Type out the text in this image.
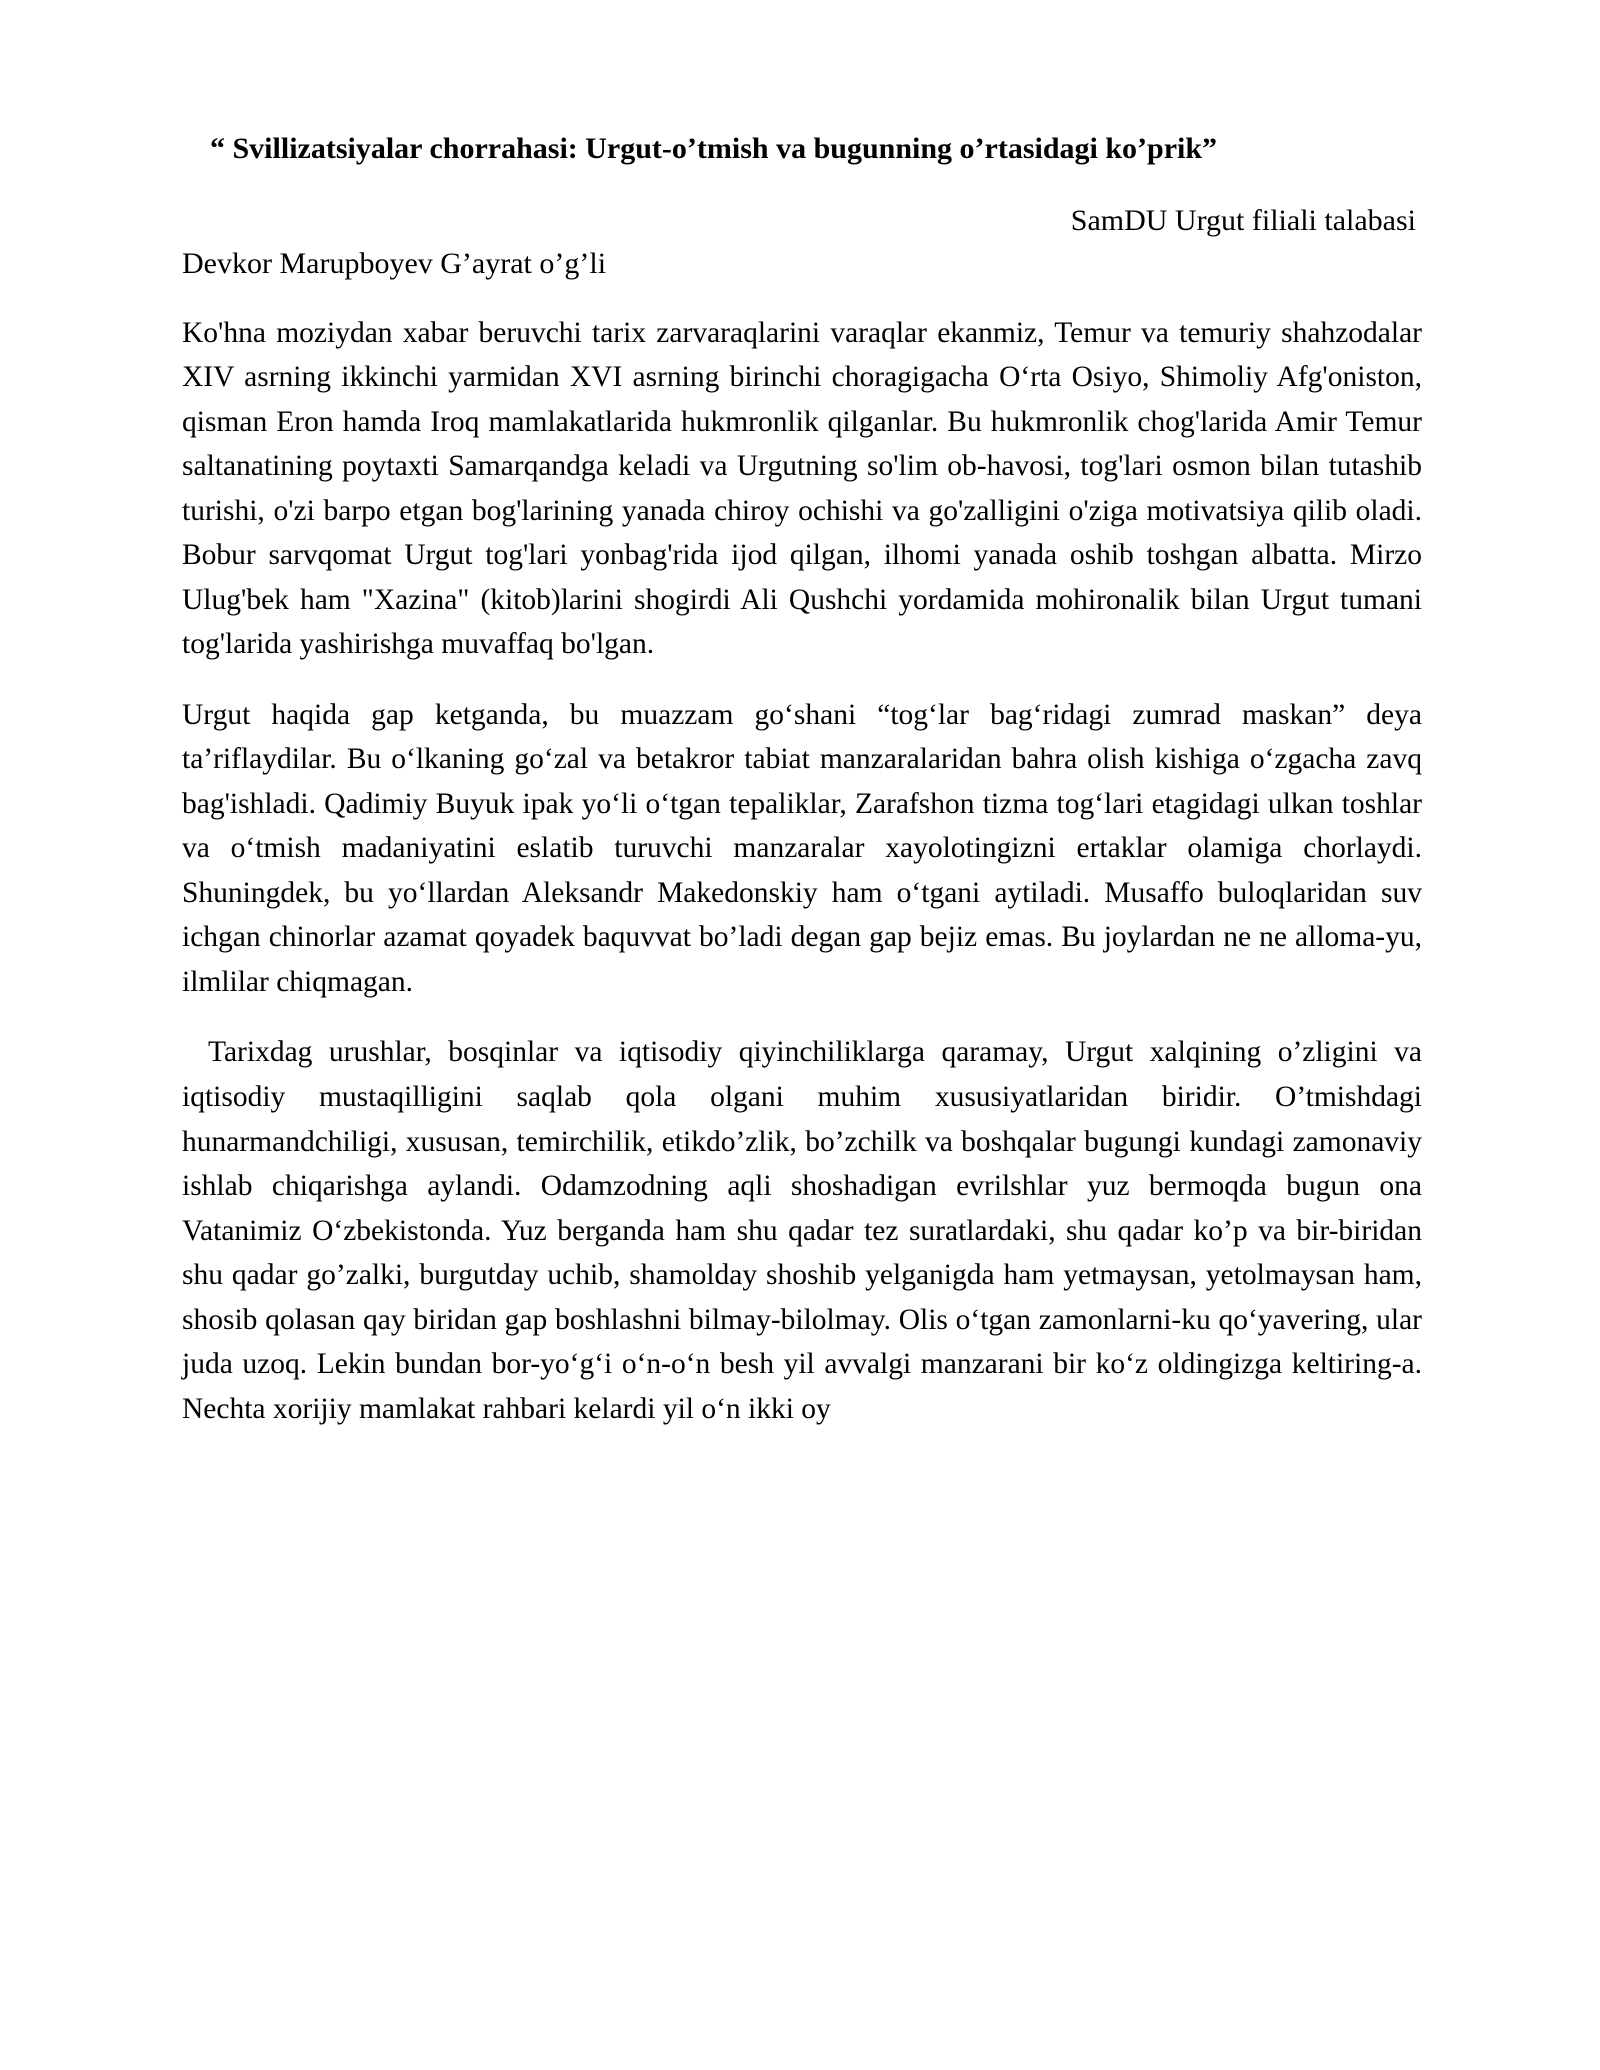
“ Svillizatsiyalar chorrahasi: Urgut-o’tmish va bugunning o’rtasidagi ko’prik”
SamDU Urgut filiali talabasi
Devkor Marupboyev G’ayrat o’g’li

Ko'hna moziydan xabar beruvchi tarix zarvaraqlarini varaqlar ekanmiz, Temur va temuriy shahzodalar XIV asrning ikkinchi yarmidan XVI asrning birinchi choragigacha O‘rta Osiyo, Shimoliy Afg'oniston, qisman Eron hamda Iroq mamlakatlarida hukmronlik qilganlar. Bu hukmronlik chog'larida Amir Temur saltanatining poytaxti Samarqandga keladi va Urgutning so'lim ob-havosi, tog'lari osmon bilan tutashib turishi, o'zi barpo etgan bog'larining yanada chiroy ochishi va go'zalligini o'ziga motivatsiya qilib oladi. Bobur sarvqomat Urgut tog'lari yonbag'rida ijod qilgan, ilhomi yanada oshib toshgan albatta. Mirzo Ulug'bek ham "Xazina" (kitob)larini shogirdi Ali Qushchi yordamida mohironalik bilan Urgut tumani tog'larida yashirishga muvaffaq bo'lgan.

Urgut haqida gap ketganda, bu muazzam go‘shani “tog‘lar bag‘ridagi zumrad maskan” deya ta’riflaydilar. Bu o‘lkaning go‘zal va betakror tabiat manzaralaridan bahra olish kishiga o‘zgacha zavq bag'ishladi. Qadimiy Buyuk ipak yo‘li o‘tgan tepaliklar, Zarafshon tizma tog‘lari etagidagi ulkan toshlar va o‘tmish madaniyatini eslatib turuvchi manzaralar xayolotingizni ertaklar olamiga chorlaydi. Shuningdek, bu yo‘llardan Aleksandr Makedonskiy ham o‘tgani aytiladi. Musaffo buloqlaridan suv ichgan chinorlar azamat qoyadek baquvvat bo’ladi degan gap bejiz emas. Bu joylardan ne ne alloma-yu, ilmlilar chiqmagan.

Tarixdag urushlar, bosqinlar va iqtisodiy qiyinchiliklarga qaramay, Urgut xalqining o’zligini va iqtisodiy mustaqilligini saqlab qola olgani muhim xususiyatlaridan biridir. O’tmishdagi hunarmandchiligi, xususan, temirchilik, etikdo’zlik, bo’zchilk va boshqalar bugungi kundagi zamonaviy ishlab chiqarishga aylandi. Odamzodning aqli shoshadigan evrilshlar yuz bermoqda bugun ona Vatanimiz O‘zbekistonda. Yuz berganda ham shu qadar tez suratlardaki, shu qadar ko’p va bir-biridan shu qadar go’zalki, burgutday uchib, shamolday shoshib yelganigda ham yetmaysan, yetolmaysan ham, shosib qolasan qay biridan gap boshlashni bilmay-bilolmay. Olis o‘tgan zamonlarni-ku qo‘yavering, ular juda uzoq. Lekin bundan bor-yo‘g‘i o‘n-o‘n besh yil avvalgi manzarani bir ko‘z oldingizga keltiring-a. Nechta xorijiy mamlakat rahbari kelardi yil o‘n ikki oy
